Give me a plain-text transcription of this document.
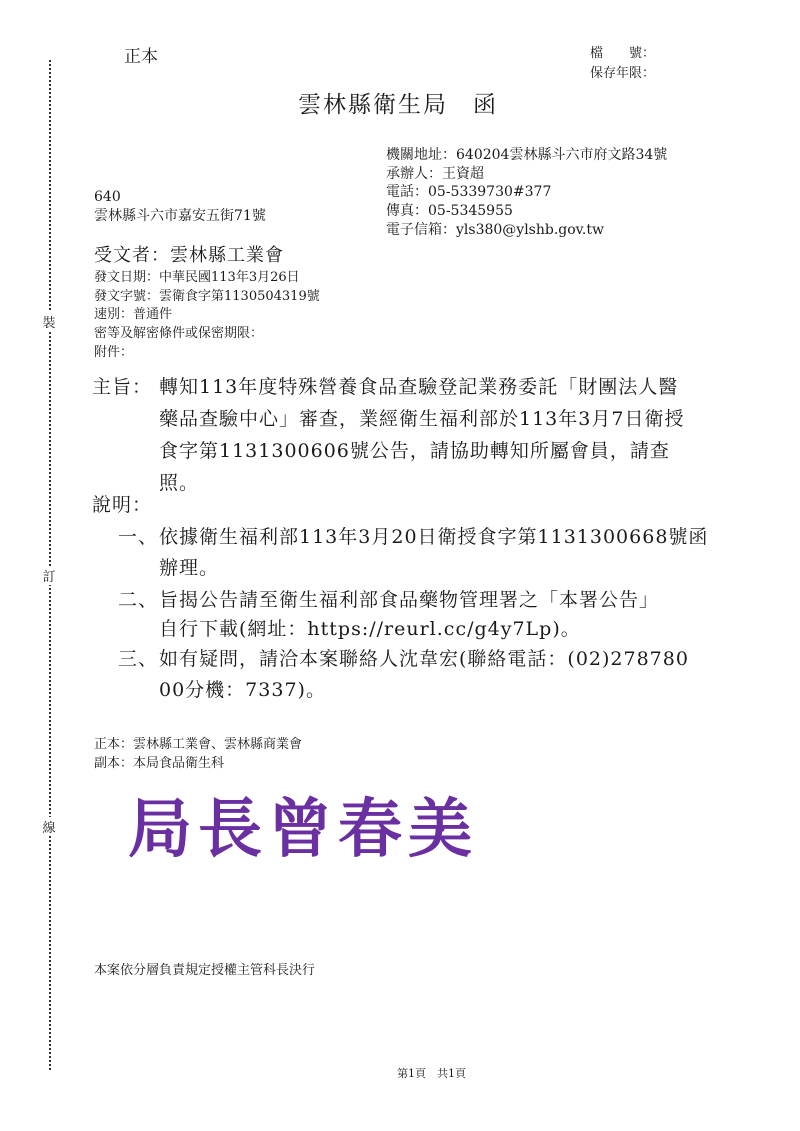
裝
訂
線
正本	檔　　號：
保存年限：
雲林縣衛生局　函
機關地址：640204雲林縣斗六市府文路34號
承辦人：王資超
電話：05-5339730#377
傳真：05-5345955
電子信箱：yls380@ylshb.gov.tw
640
雲林縣斗六市嘉安五街71號
受文者：雲林縣工業會
發文日期：中華民國113年3月26日
發文字號：雲衛食字第1130504319號
速別：普通件
密等及解密條件或保密期限：
附件：
主旨： 轉知113年度特殊營養食品查驗登記業務委託「財團法人醫
藥品查驗中心」審查，業經衛生福利部於113年3月7日衛授
食字第1131300606號公告，請協助轉知所屬會員，請查
照。
說明：
一、 依據衛生福利部113年3月20日衛授食字第1131300668號函
辦理。
二、 旨揭公告請至衛生福利部食品藥物管理署之「本署公告」
自行下載(網址：https://reurl.cc/g4y7Lp)。
三、 如有疑問，請洽本案聯絡人沈韋宏(聯絡電話：(02)278780
00分機：7337)。
正本：雲林縣工業會、雲林縣商業會
副本：本局食品衛生科
局長曾春美
本案依分層負責規定授權主管科長決行
第1頁　共1頁
